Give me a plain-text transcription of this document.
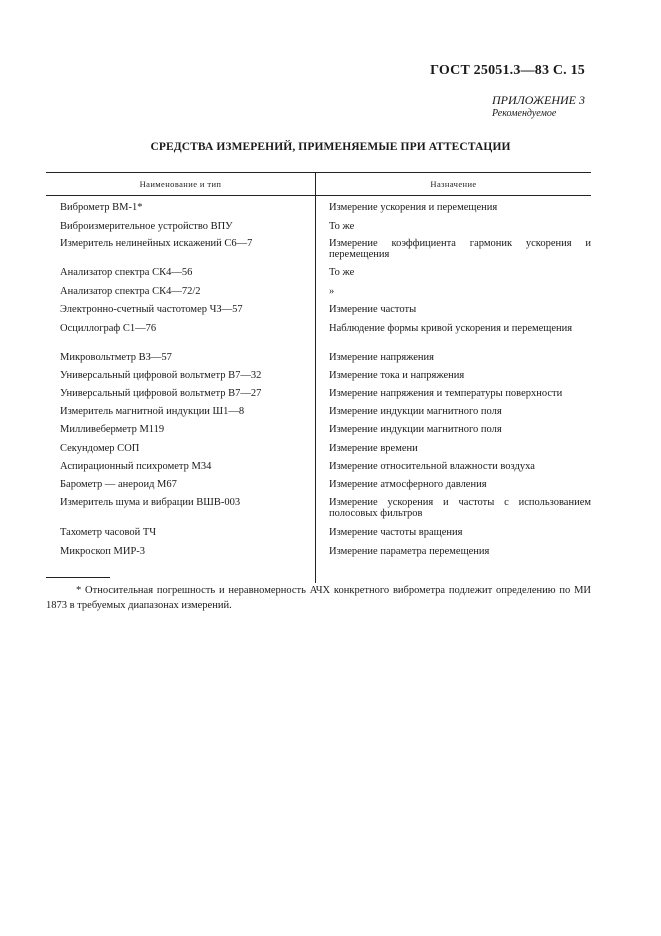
ГОСТ 25051.3—83 С. 15
ПРИЛОЖЕНИЕ 3
Рекомендуемое
СРЕДСТВА ИЗМЕРЕНИЙ, ПРИМЕНЯЕМЫЕ ПРИ АТТЕСТАЦИИ
Наименование и тип	Назначение
Виброметр ВМ-1*	Измерение ускорения и перемещения
Виброизмерительное устройство ВПУ	То же
Измеритель нелинейных искажений С6—7	Измерение коэффициента гармоник ускорения и перемещения
Анализатор спектра СК4—56	То же
Анализатор спектра СК4—72/2	»
Электронно-счетный частотомер ЧЗ—57	Измерение частоты
Осциллограф С1—76	Наблюдение формы кривой ускорения и перемещения
Микровольтметр ВЗ—57	Измерение напряжения
Универсальный цифровой вольтметр В7—32	Измерение тока и напряжения
Универсальный цифровой вольтметр В7—27	Измерение напряжения и температуры поверхности
Измеритель магнитной индукции Ш1—8	Измерение индукции магнитного поля
Милливеберметр М119	Измерение индукции магнитного поля
Секундомер СОП	Измерение времени
Аспирационный психрометр М34	Измерение относительной влажности воздуха
Барометр — анероид М67	Измерение атмосферного давления
Измеритель шума и вибрации ВШВ-003	Измерение ускорения и частоты с использованием полосовых фильтров
Тахометр часовой ТЧ	Измерение частоты вращения
Микроскоп МИР-3	Измерение параметра перемещения
* Относительная погрешность и неравномерность АЧХ конкретного виброметра подлежит определению по МИ 1873 в требуемых диапазонах измерений.
